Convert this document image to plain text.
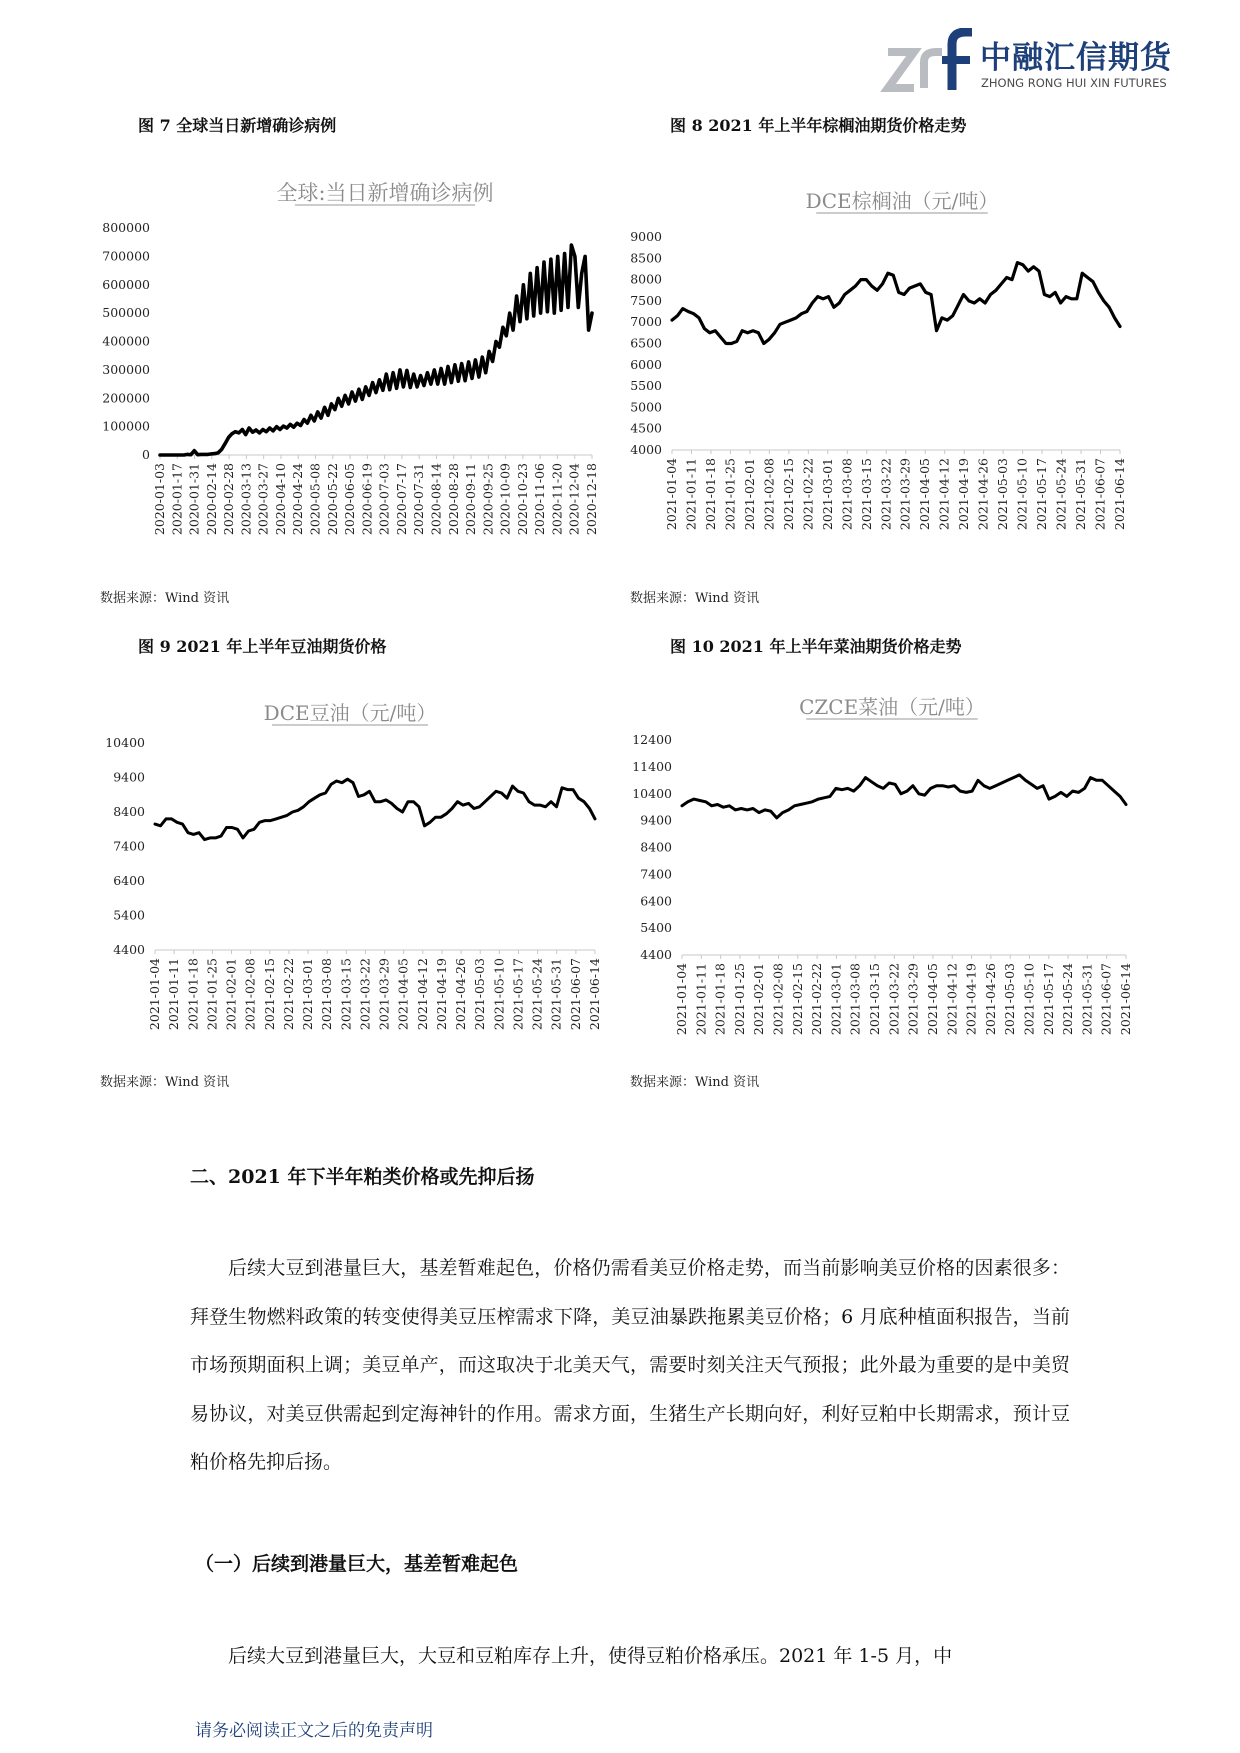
中融汇信期货
ZHONG RONG HUI XIN FUTURES
图 7 全球当日新增确诊病例	图 8 2021 年上半年棕榈油期货价格走势
图 9 2021 年上半年豆油期货价格	图 10 2021 年上半年菜油期货价格走势
全球:当日新增确诊病例
0
100000
200000
300000
400000
500000
600000
700000
800000
2020-01-03 2020-01-17 2020-01-31 2020-02-14 2020-02-28 2020-03-13 2020-03-27 2020-04-10 2020-04-24 2020-05-08 2020-05-22 2020-06-05 2020-06-19 2020-07-03 2020-07-17 2020-07-31 2020-08-14 2020-08-28 2020-09-11 2020-09-25 2020-10-09 2020-10-23 2020-11-06 2020-11-20 2020-12-04 2020-12-18
DCE棕榈油（元/吨）
4000
4500
5000
5500
6000
6500
7000
7500
8000
8500
9000
2021-01-04 2021-01-11 2021-01-18 2021-01-25 2021-02-01 2021-02-08 2021-02-15 2021-02-22 2021-03-01 2021-03-08 2021-03-15 2021-03-22 2021-03-29 2021-04-05 2021-04-12 2021-04-19 2021-04-26 2021-05-03 2021-05-10 2021-05-17 2021-05-24 2021-05-31 2021-06-07 2021-06-14
DCE豆油（元/吨）
4400
5400
6400
7400
8400
9400
10400
2021-01-04 2021-01-11 2021-01-18 2021-01-25 2021-02-01 2021-02-08 2021-02-15 2021-02-22 2021-03-01 2021-03-08 2021-03-15 2021-03-22 2021-03-29 2021-04-05 2021-04-12 2021-04-19 2021-04-26 2021-05-03 2021-05-10 2021-05-17 2021-05-24 2021-05-31 2021-06-07 2021-06-14
CZCE菜油（元/吨）
4400
5400
6400
7400
8400
9400
10400
11400
12400
2021-01-04 2021-01-11 2021-01-18 2021-01-25 2021-02-01 2021-02-08 2021-02-15 2021-02-22 2021-03-01 2021-03-08 2021-03-15 2021-03-22 2021-03-29 2021-04-05 2021-04-12 2021-04-19 2021-04-26 2021-05-03 2021-05-10 2021-05-17 2021-05-24 2021-05-31 2021-06-07 2021-06-14
数据来源：Wind 资讯	数据来源：Wind 资讯
数据来源：Wind 资讯	数据来源：Wind 资讯
二、2021 年下半年粕类价格或先抑后扬

后续大豆到港量巨大，基差暂难起色，价格仍需看美豆价格走势，而当前影响美豆价格的因素很多：拜登生物燃料政策的转变使得美豆压榨需求下降，美豆油暴跌拖累美豆价格；6 月底种植面积报告，当前市场预期面积上调；美豆单产，而这取决于北美天气，需要时刻关注天气预报；此外最为重要的是中美贸易协议，对美豆供需起到定海神针的作用。需求方面，生猪生产长期向好，利好豆粕中长期需求，预计豆粕价格先抑后扬。

（一）后续到港量巨大，基差暂难起色

后续大豆到港量巨大，大豆和豆粕库存上升，使得豆粕价格承压。2021 年 1-5 月，中

请务必阅读正文之后的免责声明
